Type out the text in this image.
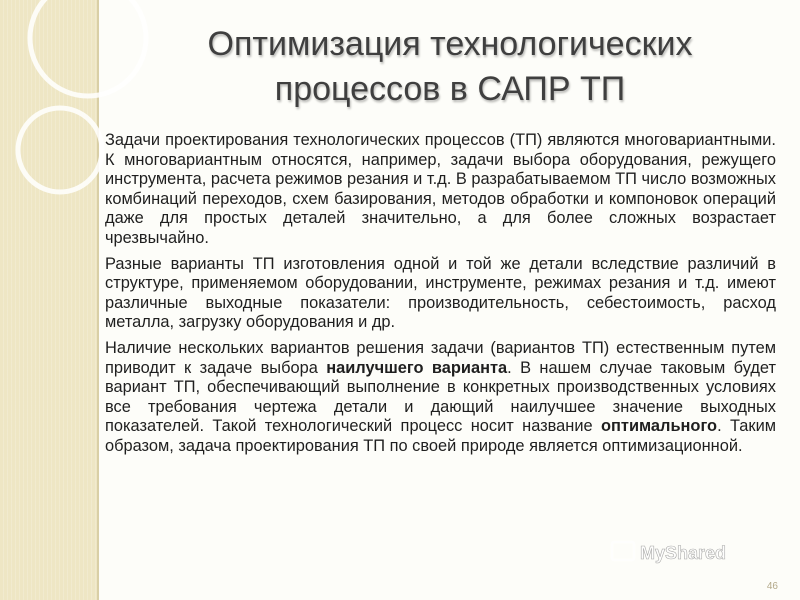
Оптимизация технологических
процессов в САПР ТП

Задачи проектирования технологических процессов (ТП) являются многовариантными. К многовариантным относятся, например, задачи выбора оборудования, режущего инструмента, расчета режимов резания и т.д. В разрабатываемом ТП число возможных комбинаций переходов, схем базирования, методов обработки и компоновок операций даже для простых деталей значительно, а для более сложных возрастает чрезвычайно.

Разные варианты ТП изготовления одной и той же детали вследствие различий в структуре, применяемом оборудовании, инструменте, режимах резания и т.д. имеют различные выходные показатели: производительность, себестоимость, расход металла, загрузку оборудования и др.

Наличие нескольких вариантов решения задачи (вариантов ТП) естественным путем приводит к задаче выбора наилучшего варианта. В нашем случае таковым будет вариант ТП, обеспечивающий выполнение в конкретных производственных условиях все требования чертежа детали и дающий наилучшее значение выходных показателей. Такой технологический процесс носит название оптимального. Таким образом, задача проектирования ТП по своей природе является оптимизационной.

MyShared
46
